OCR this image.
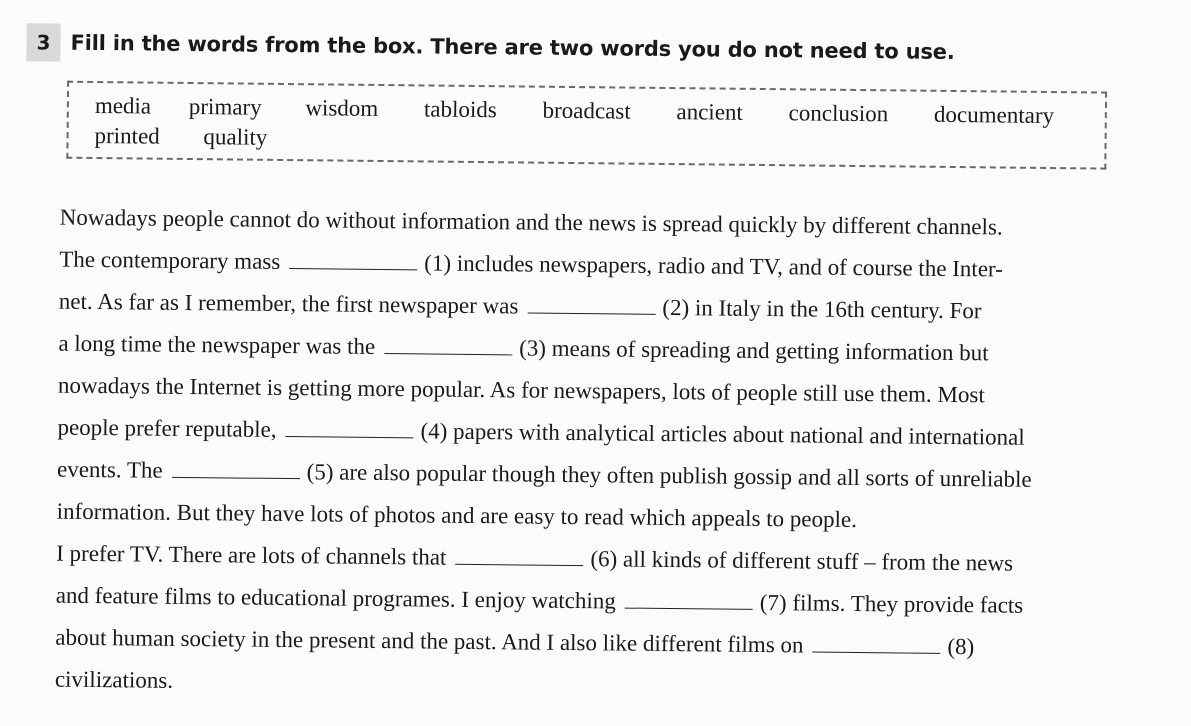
3 Fill in the words from the box. There are two words you do not need to use.
media primary wisdom tabloids broadcast ancient conclusion documentary
printed quality
Nowadays people cannot do without information and the news is spread quickly by different channels.
The contemporary mass	(1) includes newspapers, radio and TV, and of course the Inter-
net. As far as I remember, the first newspaper was	(2) in Italy in the 16th century. For
a long time the newspaper was the	(3) means of spreading and getting information but
nowadays the Internet is getting more popular. As for newspapers, lots of people still use them. Most
people prefer reputable,	(4) papers with analytical articles about national and international
events. The	(5) are also popular though they often publish gossip and all sorts of unreliable
information. But they have lots of photos and are easy to read which appeals to people.
I prefer TV. There are lots of channels that	(6) all kinds of different stuff – from the news
and feature films to educational programes. I enjoy watching	(7) films. They provide facts
about human society in the present and the past. And I also like different films on	(8)
civilizations.
